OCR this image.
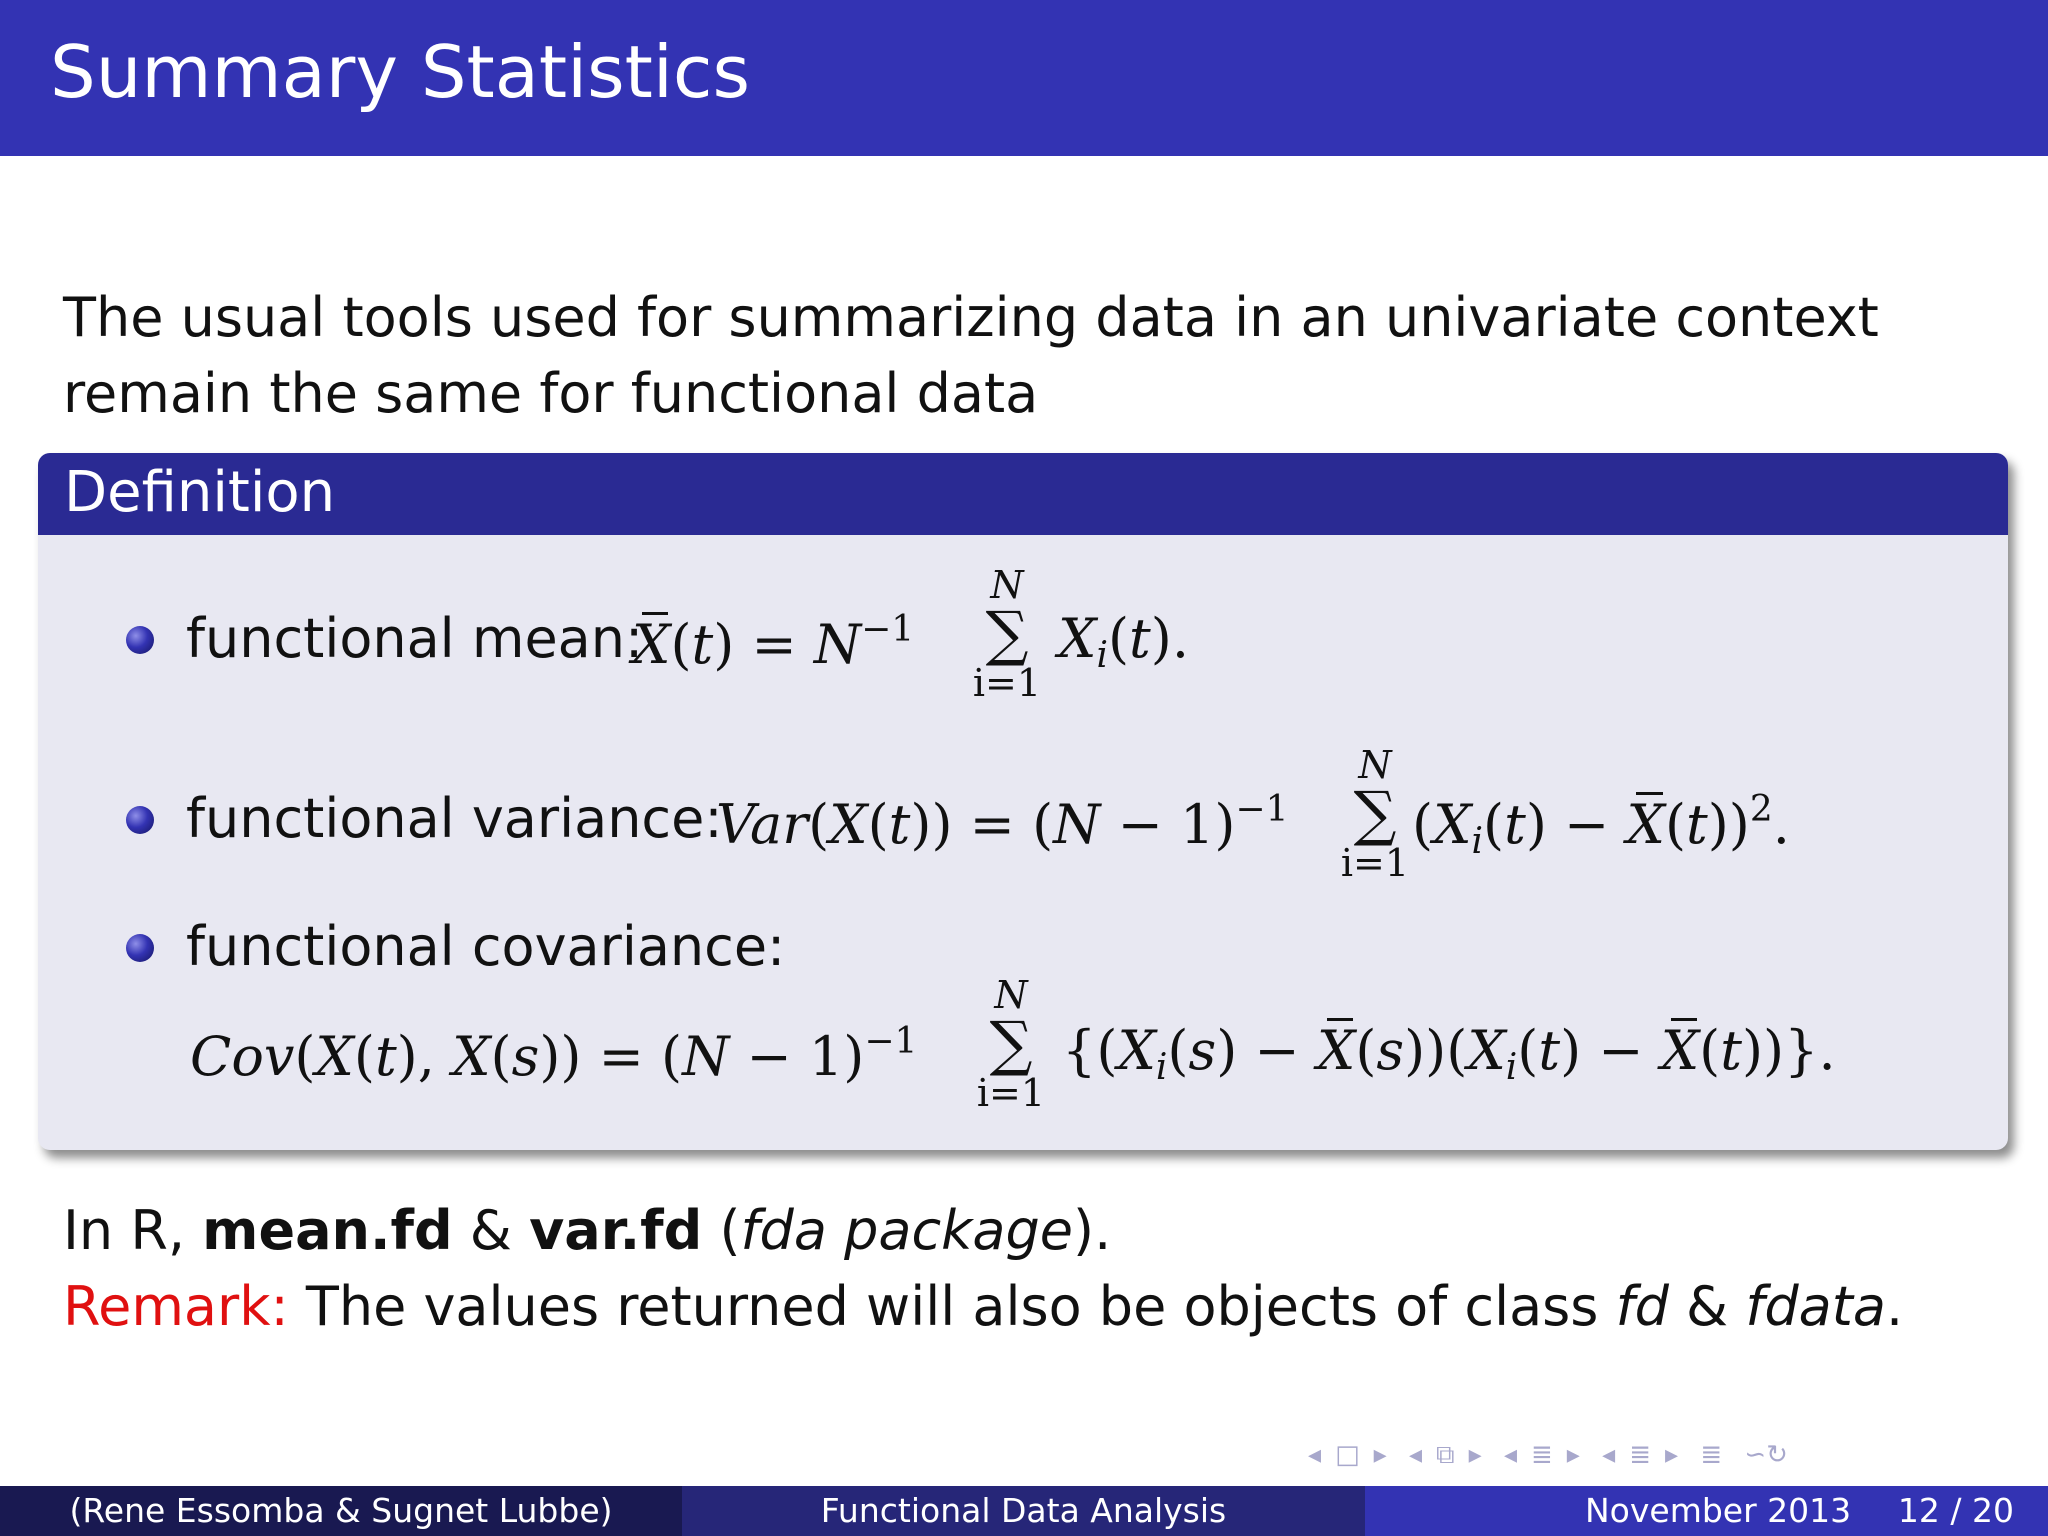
Summary Statistics

The usual tools used for summarizing data in an univariate context remain the same for functional data

Definition
functional mean:
$X(t) = N^{-1}$
N
∑
i=1
$X_i(t)$.
functional variance:
$Var(X(t)) = (N - 1)^{-1}$
N
∑
i=1
$(X_i(t) - X(t))^2$.
functional covariance:
Cov(X(t), $X(s)) = (N - 1)^{-1}$
N
∑
i=1
$\{(X_i(s) - X(s))(X_i(t) - X(t))\}$.
In R, mean.fd & var.fd (fda package).
Remark: The values returned will also be objects of class fd & fdata.
◂ □ ▸ ◂ ⧉ ▸ ◂ ≣ ▸ ◂ ≣ ▸ ≣ ∽↻
(Rene Essomba & Sugnet Lubbe)	Functional Data Analysis	November 2013 12 / 20
